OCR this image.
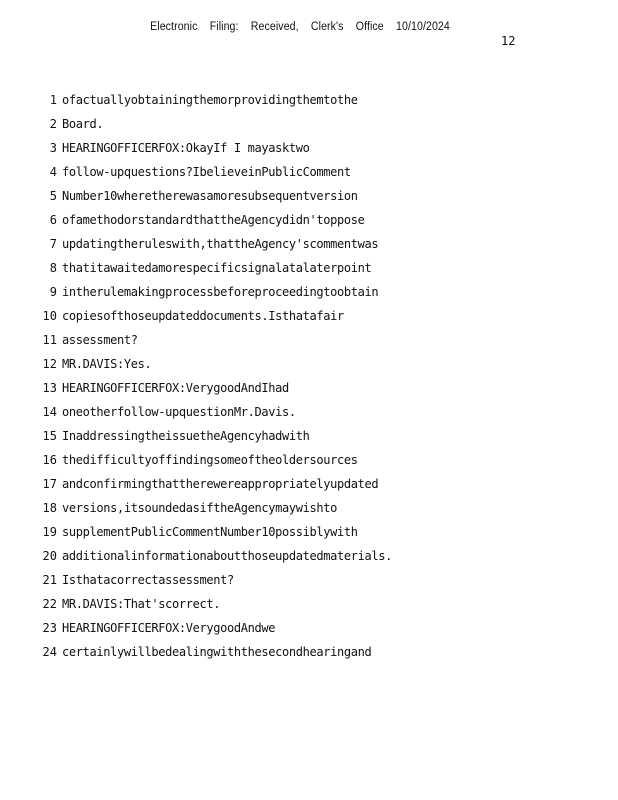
Electronic Filing: Received, Clerk's Office 10/10/2024
12
1 ofactuallyobtainingthemorprovidingthemtothe
2 Board.
3 HEARINGOFFICERFOX:OkayIf I mayasktwo
4 follow-upquestions?IbelieveinPublicComment
5 Number10wheretherewasamoresubsequentversion
6 ofamethodorstandardthattheAgencydidn'toppose
7 updatingtheruleswith,thattheAgency'scommentwas
8 thatitawaitedamorespecificsignalatalaterpoint
9 intherulemakingprocessbeforeproceedingtoobtain
10 copiesofthoseupdateddocuments.Isthatafair
11 assessment?
12 MR.DAVIS:Yes.
13 HEARINGOFFICERFOX:VerygoodAndIhad
14 oneotherfollow-upquestionMr.Davis.
15 InaddressingtheissuetheAgencyhadwith
16 thedifficultyoffindingsomeoftheoldersources
17 andconfirmingthattherewereappropriatelyupdated
18 versions,itsoundedasiftheAgencymaywishto
19 supplementPublicCommentNumber10possiblywith
20 additionalinformationaboutthoseupdatedmaterials.
21 Isthatacorrectassessment?
22 MR.DAVIS:That'scorrect.
23 HEARINGOFFICERFOX:VerygoodAndwe
24 certainlywillbedealingwiththesecondhearingand
